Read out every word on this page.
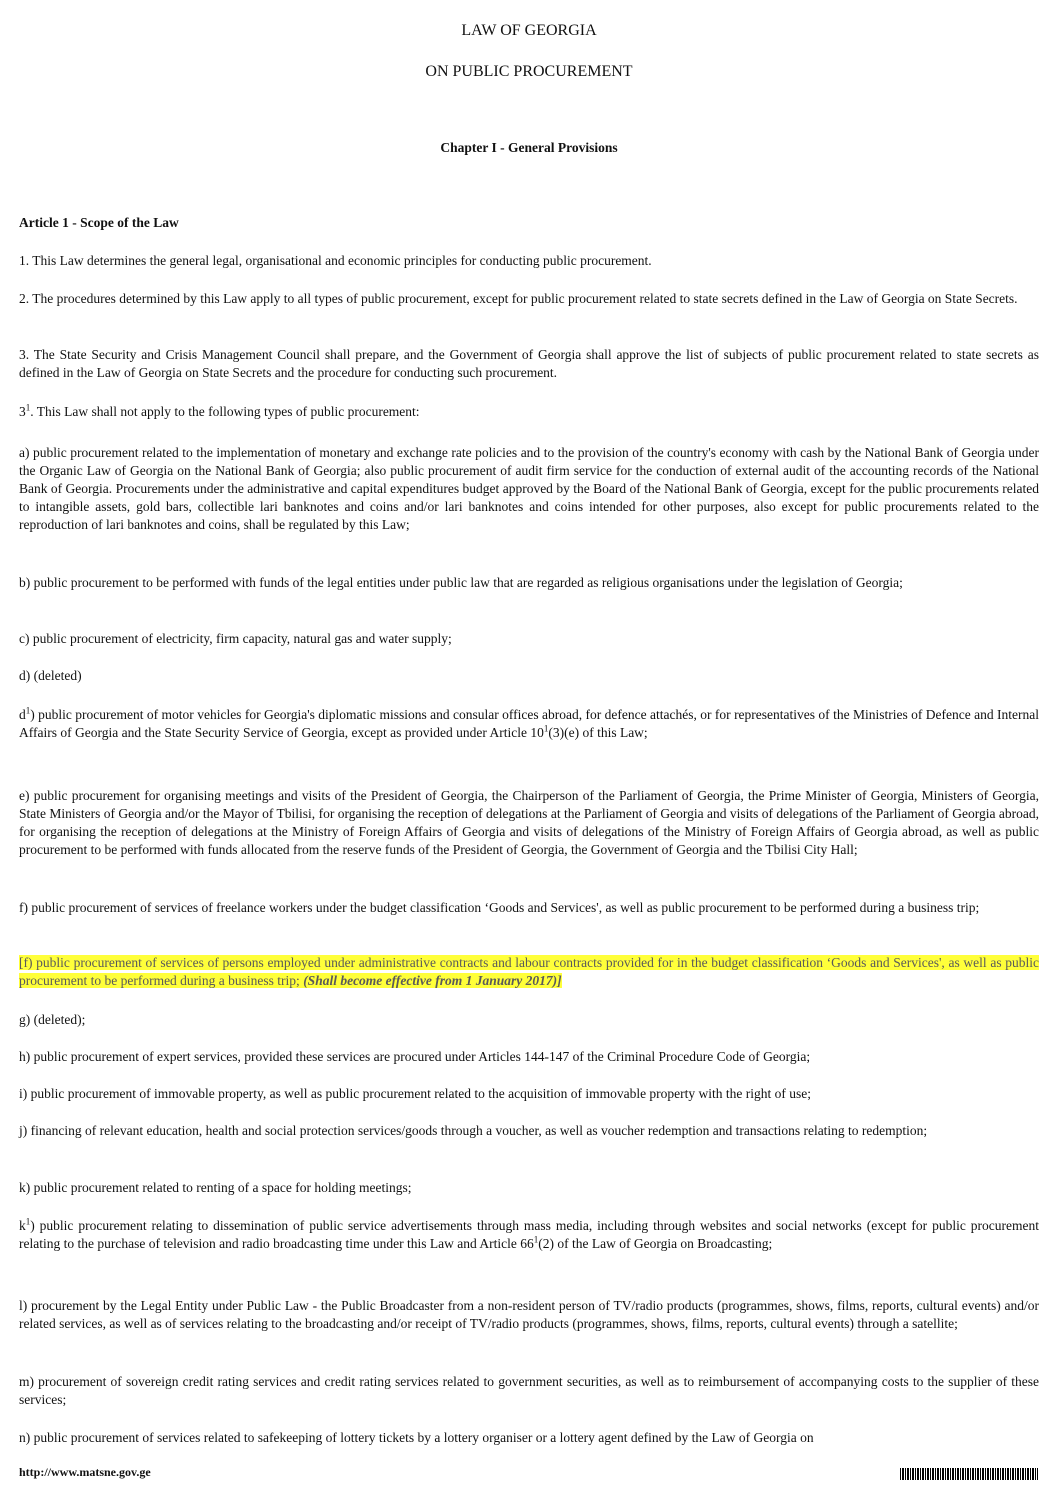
LAW OF GEORGIA
ON PUBLIC PROCUREMENT
Chapter I - General Provisions
Article 1 - Scope of the Law

1. This Law determines the general legal, organisational and economic principles for conducting public procurement.

2. The procedures determined by this Law apply to all types of public procurement, except for public procurement related to state secrets defined in the Law of Georgia on State Secrets.

3. The State Security and Crisis Management Council shall prepare, and the Government of Georgia shall approve the list of subjects of public procurement related to state secrets as defined in the Law of Georgia on State Secrets and the procedure for conducting such procurement.

$3^1$. This Law shall not apply to the following types of public procurement:

a) public procurement related to the implementation of monetary and exchange rate policies and to the provision of the country's economy with cash by the National Bank of Georgia under the Organic Law of Georgia on the National Bank of Georgia; also public procurement of audit firm service for the conduction of external audit of the accounting records of the National Bank of Georgia. Procurements under the administrative and capital expenditures budget approved by the Board of the National Bank of Georgia, except for the public procurements related to intangible assets, gold bars, collectible lari banknotes and coins and/or lari banknotes and coins intended for other purposes, also except for public procurements related to the reproduction of lari banknotes and coins, shall be regulated by this Law;

b) public procurement to be performed with funds of the legal entities under public law that are regarded as religious organisations under the legislation of Georgia;

c) public procurement of electricity, firm capacity, natural gas and water supply;

d) (deleted)

$d^1$) public procurement of motor vehicles for Georgia's diplomatic missions and consular offices abroad, for defence attachés, or for representatives of the Ministries of Defence and Internal Affairs of Georgia and the State Security Service of Georgia, except as provided under Article $10^1(3)(e)$ of this Law;

e) public procurement for organising meetings and visits of the President of Georgia, the Chairperson of the Parliament of Georgia, the Prime Minister of Georgia, Ministers of Georgia, State Ministers of Georgia and/or the Mayor of Tbilisi, for organising the reception of delegations at the Parliament of Georgia and visits of delegations of the Parliament of Georgia abroad, for organising the reception of delegations at the Ministry of Foreign Affairs of Georgia and visits of delegations of the Ministry of Foreign Affairs of Georgia abroad, as well as public procurement to be performed with funds allocated from the reserve funds of the President of Georgia, the Government of Georgia and the Tbilisi City Hall;

f) public procurement of services of freelance workers under the budget classification ‘Goods and Services', as well as public procurement to be performed during a business trip;

[f) public procurement of services of persons employed under administrative contracts and labour contracts provided for in the budget classification ‘Goods and Services', as well as public procurement to be performed during a business trip; (Shall become effective from 1 January 2017)]

g) (deleted);

h) public procurement of expert services, provided these services are procured under Articles 144-147 of the Criminal Procedure Code of Georgia;

i) public procurement of immovable property, as well as public procurement related to the acquisition of immovable property with the right of use;

j) financing of relevant education, health and social protection services/goods through a voucher, as well as voucher redemption and transactions relating to redemption;

k) public procurement related to renting of a space for holding meetings;

$k^1$) public procurement relating to dissemination of public service advertisements through mass media, including through websites and social networks (except for public procurement relating to the purchase of television and radio broadcasting time under this Law and Article $66^1(2)$ of the Law of Georgia on Broadcasting;

l) procurement by the Legal Entity under Public Law - the Public Broadcaster from a non-resident person of TV/radio products (programmes, shows, films, reports, cultural events) and/or related services, as well as of services relating to the broadcasting and/or receipt of TV/radio products (programmes, shows, films, reports, cultural events) through a satellite;

m) procurement of sovereign credit rating services and credit rating services related to government securities, as well as to reimbursement of accompanying costs to the supplier of these services;

n) public procurement of services related to safekeeping of lottery tickets by a lottery organiser or a lottery agent defined by the Law of Georgia on

http://www.matsne.gov.ge
